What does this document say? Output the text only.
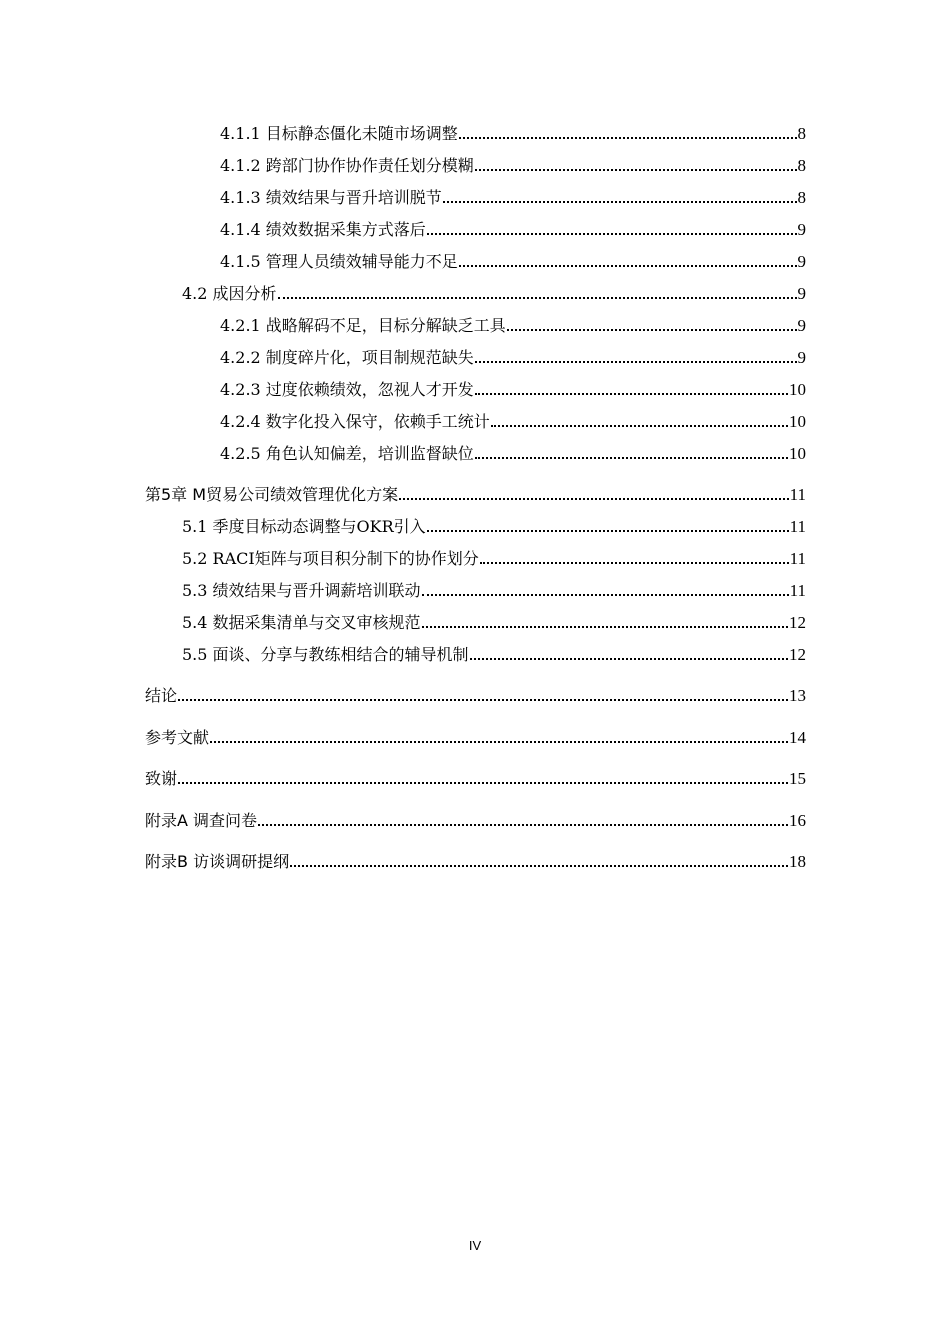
4.1.1 目标静态僵化未随市场调整	8
4.1.2 跨部门协作协作责任划分模糊	8
4.1.3 绩效结果与晋升培训脱节	8
4.1.4 绩效数据采集方式落后	9
4.1.5 管理人员绩效辅导能力不足	9
4.2 成因分析	9
4.2.1 战略解码不足，目标分解缺乏工具	9
4.2.2 制度碎片化，项目制规范缺失	9
4.2.3 过度依赖绩效，忽视人才开发	10
4.2.4 数字化投入保守，依赖手工统计	10
4.2.5 角色认知偏差，培训监督缺位	10
第5章 M贸易公司绩效管理优化方案	11
5.1 季度目标动态调整与OKR引入	11
5.2 RACI矩阵与项目积分制下的协作划分	11
5.3 绩效结果与晋升调薪培训联动	11
5.4 数据采集清单与交叉审核规范	12
5.5 面谈、分享与教练相结合的辅导机制	12
结论	13
参考文献	14
致谢	15
附录A 调查问卷	16
附录B 访谈调研提纲	18
IV
